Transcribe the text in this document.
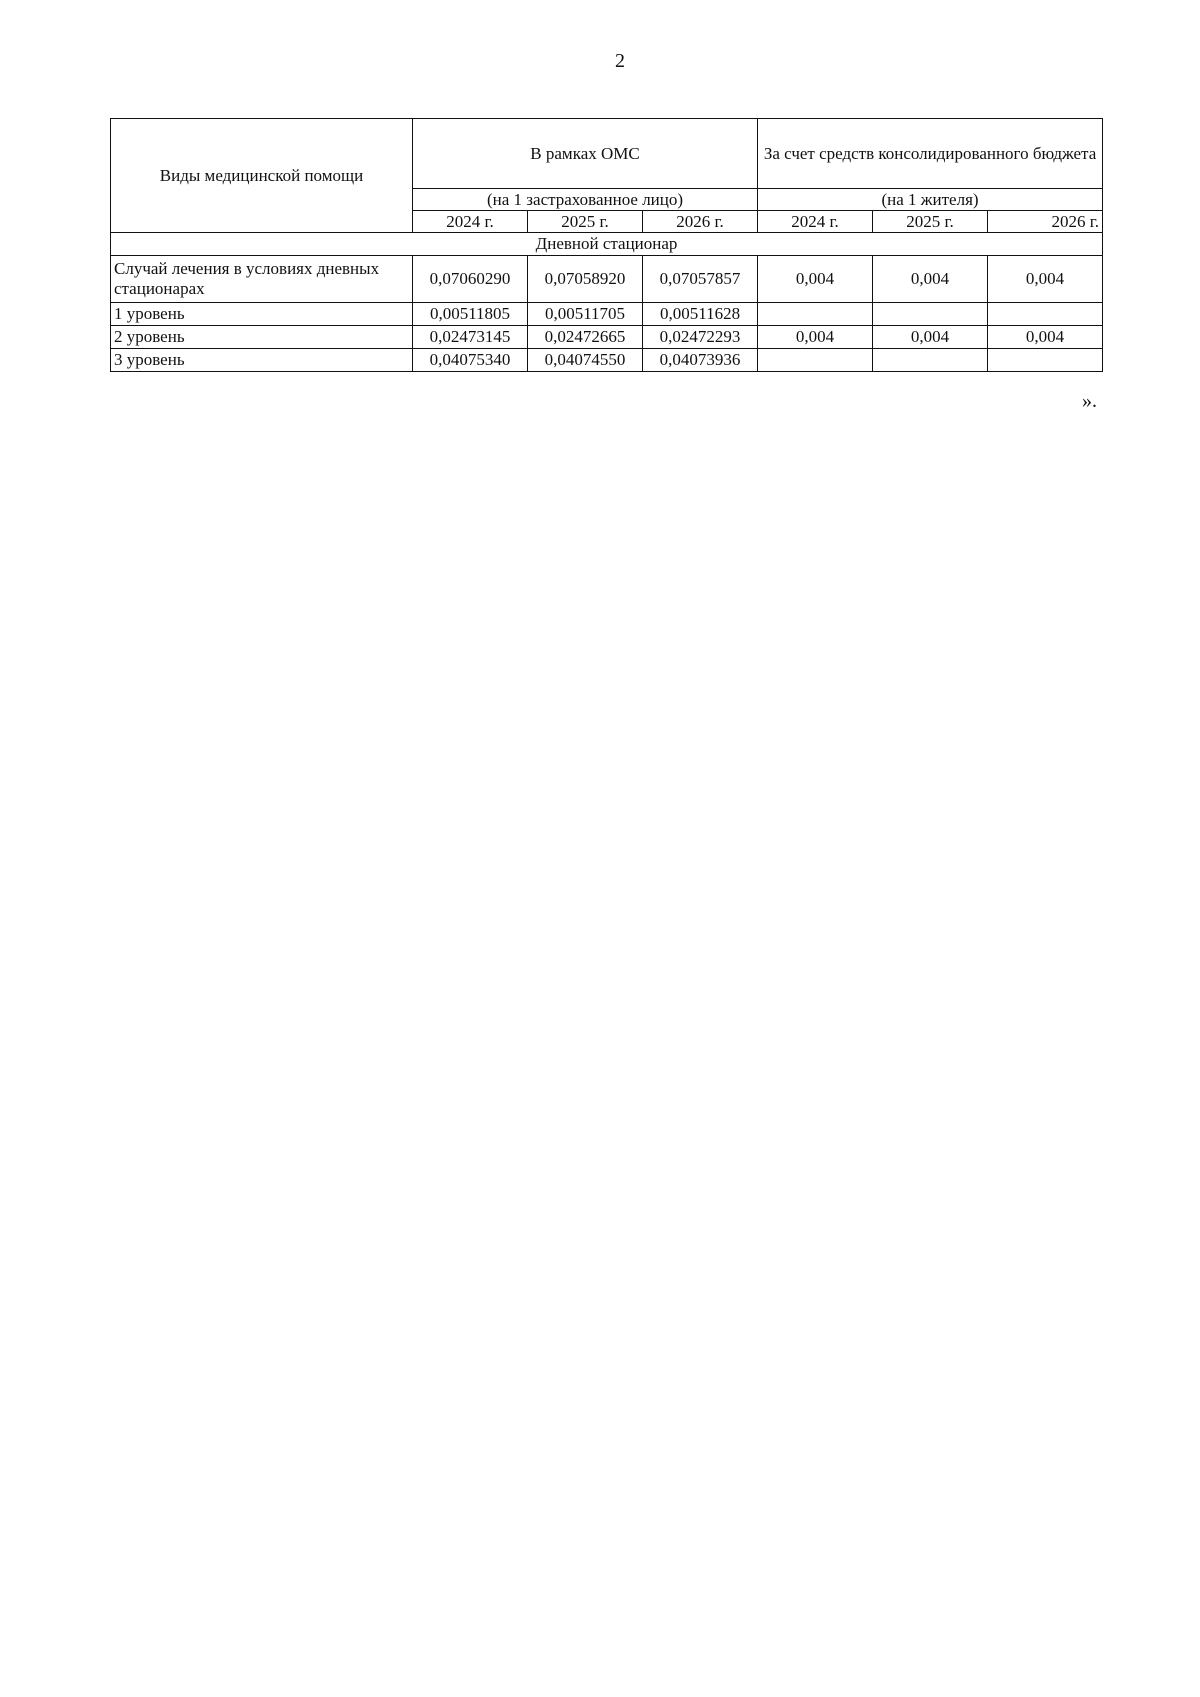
2
Виды медицинской помощи	В рамках ОМС			За счет средств консолидированного бюджета		
	(на 1 застрахованное лицо)			(на 1 жителя)		
	2024 г.	2025 г.	2026 г.	2024 г.	2025 г.	2026 г.
Дневной стационар						
Случай лечения в условиях дневных стационарах	0,07060290	0,07058920	0,07057857	0,004	0,004	0,004
1 уровень	0,00511805	0,00511705	0,00511628			
2 уровень	0,02473145	0,02472665	0,02472293	0,004	0,004	0,004
3 уровень	0,04075340	0,04074550	0,04073936			
».
